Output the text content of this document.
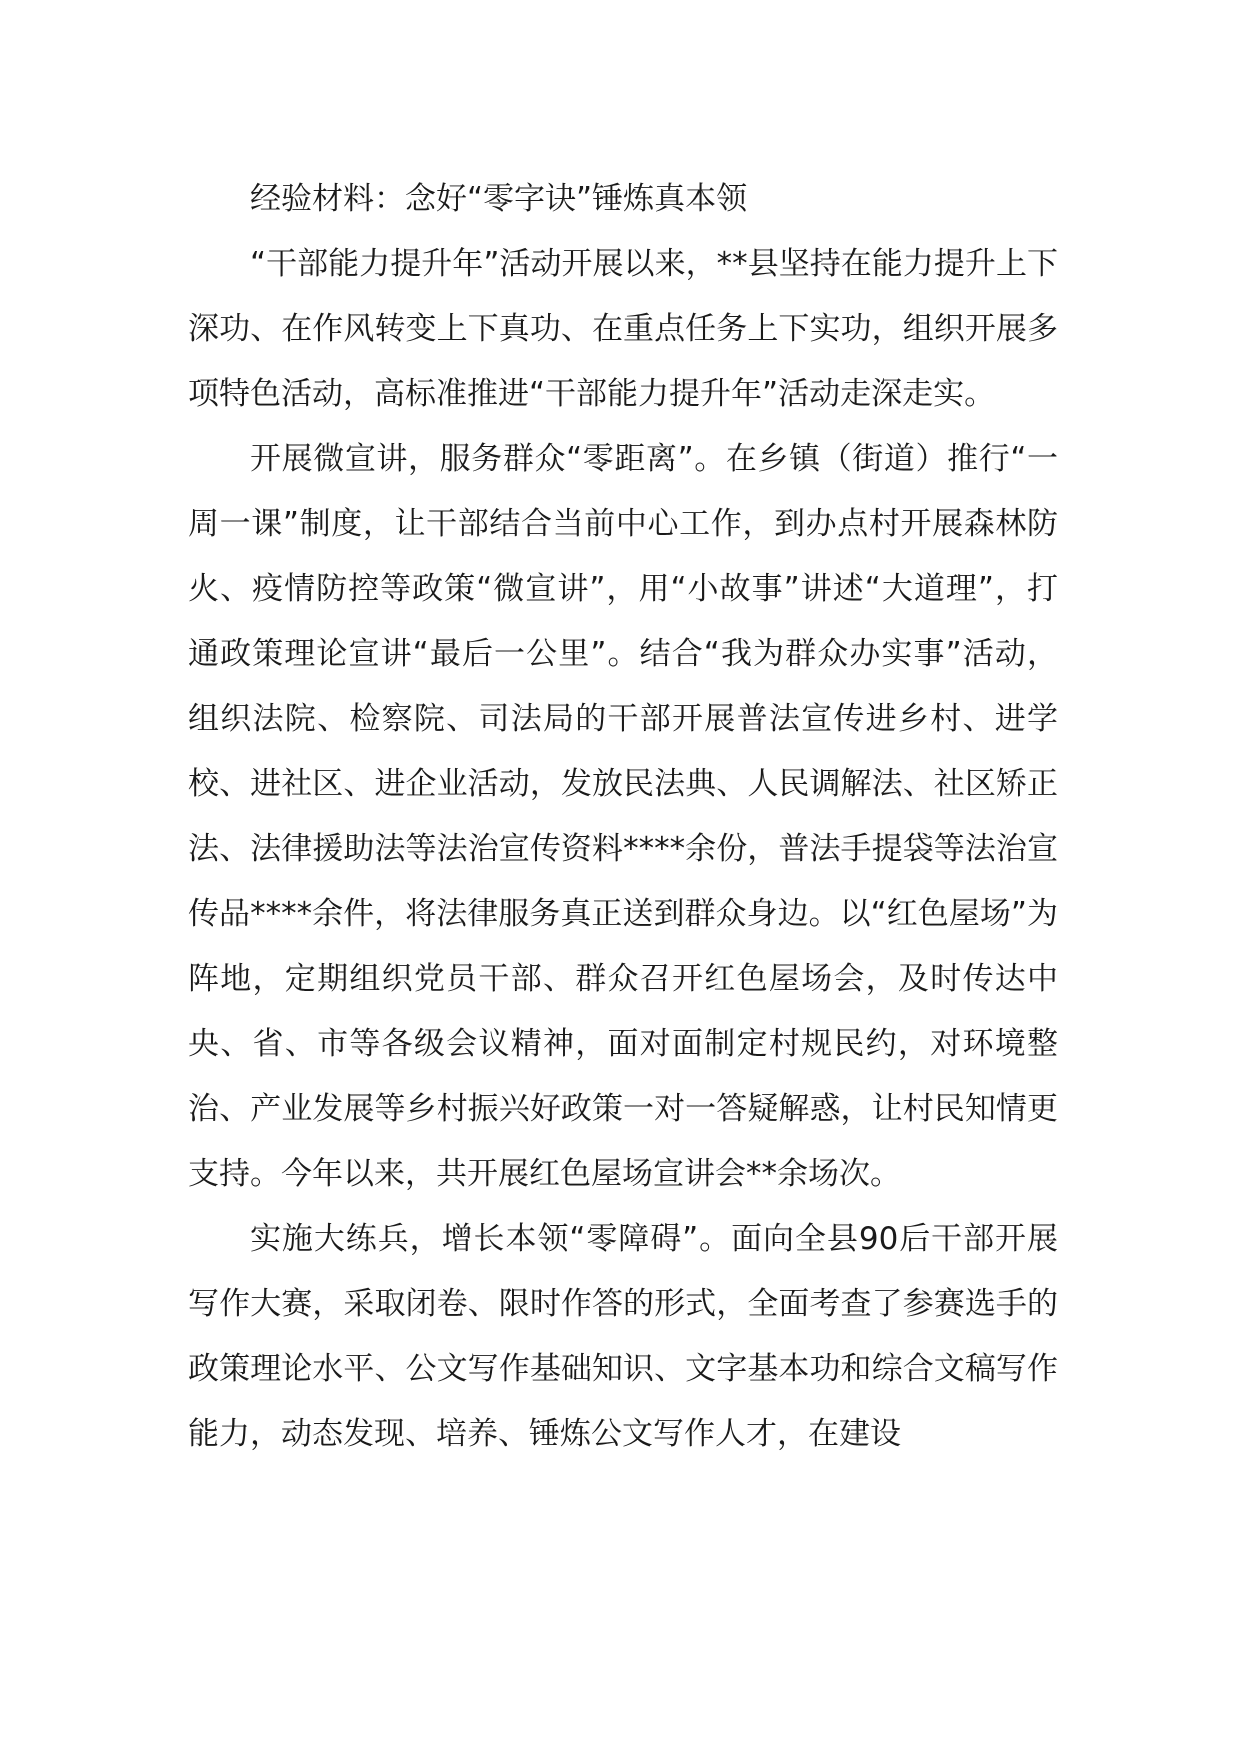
经验材料：念好“零字诀”锤炼真本领

“干部能力提升年”活动开展以来，**县坚持在能力提升上下深功、在作风转变上下真功、在重点任务上下实功，组织开展多项特色活动，高标准推进“干部能力提升年”活动走深走实。

开展微宣讲，服务群众“零距离”。在乡镇（街道）推行“一周一课”制度，让干部结合当前中心工作，到办点村开展森林防火、疫情防控等政策“微宣讲”，用“小故事”讲述“大道理”，打通政策理论宣讲“最后一公里”。结合“我为群众办实事”活动，组织法院、检察院、司法局的干部开展普法宣传进乡村、进学校、进社区、进企业活动，发放民法典、人民调解法、社区矫正法、法律援助法等法治宣传资料****余份，普法手提袋等法治宣传品****余件，将法律服务真正送到群众身边。以“红色屋场”为阵地，定期组织党员干部、群众召开红色屋场会，及时传达中央、省、市等各级会议精神，面对面制定村规民约，对环境整治、产业发展等乡村振兴好政策一对一答疑解惑，让村民知情更支持。今年以来，共开展红色屋场宣讲会**余场次。

实施大练兵，增长本领“零障碍”。面向全县90后干部开展写作大赛，采取闭卷、限时作答的形式，全面考查了参赛选手的政策理论水平、公文写作基础知识、文字基本功和综合文稿写作能力，动态发现、培养、锤炼公文写作人才，在建设
